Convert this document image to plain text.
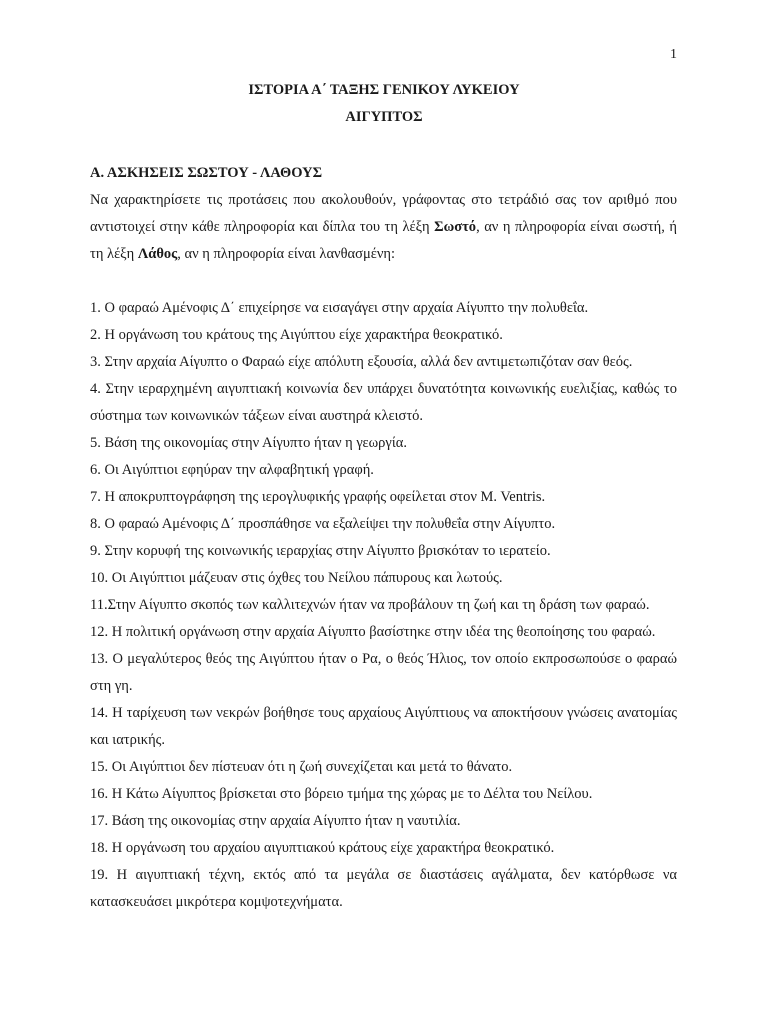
1
ΙΣΤΟΡΙΑ Α΄ ΤΑΞΗΣ ΓΕΝΙΚΟΥ ΛΥΚΕΙΟΥ
ΑΙΓΥΠΤΟΣ

Α. ΑΣΚΗΣΕΙΣ ΣΩΣΤΟΥ - ΛΑΘΟΥΣ

Να χαρακτηρίσετε τις προτάσεις που ακολουθούν, γράφοντας στο τετράδιό σας τον αριθμό που αντιστοιχεί στην κάθε πληροφορία και δίπλα του τη λέξη Σωστό, αν η πληροφορία είναι σωστή, ή τη λέξη Λάθος, αν η πληροφορία είναι λανθασμένη:

1. Ο φαραώ Αμένοφις Δ΄ επιχείρησε να εισαγάγει στην αρχαία Αίγυπτο την πολυθεΐα.
2. Η οργάνωση του κράτους της Αιγύπτου είχε χαρακτήρα θεοκρατικό.
3. Στην αρχαία Αίγυπτο ο Φαραώ είχε απόλυτη εξουσία, αλλά δεν αντιμετωπιζόταν σαν θεός.
4. Στην ιεραρχημένη αιγυπτιακή κοινωνία δεν υπάρχει δυνατότητα κοινωνικής ευελιξίας, καθώς το σύστημα των κοινωνικών τάξεων είναι αυστηρά κλειστό.
5. Βάση της οικονομίας στην Αίγυπτο ήταν η γεωργία.
6. Οι Αιγύπτιοι εφηύραν την αλφαβητική γραφή.
7. Η αποκρυπτογράφηση της ιερογλυφικής γραφής οφείλεται στον M. Ventris.
8. Ο φαραώ Αμένοφις Δ΄ προσπάθησε να εξαλείψει την πολυθεΐα στην Αίγυπτο.
9. Στην κορυφή της κοινωνικής ιεραρχίας στην Αίγυπτο βρισκόταν το ιερατείο.
10. Οι Αιγύπτιοι μάζευαν στις όχθες του Νείλου πάπυρους και λωτούς.
11.Στην Αίγυπτο σκοπός των καλλιτεχνών ήταν να προβάλουν τη ζωή και τη δράση των φαραώ.
12. Η πολιτική οργάνωση στην αρχαία Αίγυπτο βασίστηκε στην ιδέα της θεοποίησης του φαραώ.
13. Ο μεγαλύτερος θεός της Αιγύπτου ήταν ο Ρα, ο θεός Ήλιος, τον οποίο εκπροσωπούσε ο φαραώ στη γη.
14. Η ταρίχευση των νεκρών βοήθησε τους αρχαίους Αιγύπτιους να αποκτήσουν γνώσεις ανατομίας και ιατρικής.
15. Οι Αιγύπτιοι δεν πίστευαν ότι η ζωή συνεχίζεται και μετά το θάνατο.
16. Η Κάτω Αίγυπτος βρίσκεται στο βόρειο τμήμα της χώρας με το Δέλτα του Νείλου.
17. Βάση της οικονομίας στην αρχαία Αίγυπτο ήταν η ναυτιλία.
18. Η οργάνωση του αρχαίου αιγυπτιακού κράτους είχε χαρακτήρα θεοκρατικό.
19. Η αιγυπτιακή τέχνη, εκτός από τα μεγάλα σε διαστάσεις αγάλματα, δεν κατόρθωσε να κατασκευάσει μικρότερα κομψοτεχνήματα.
